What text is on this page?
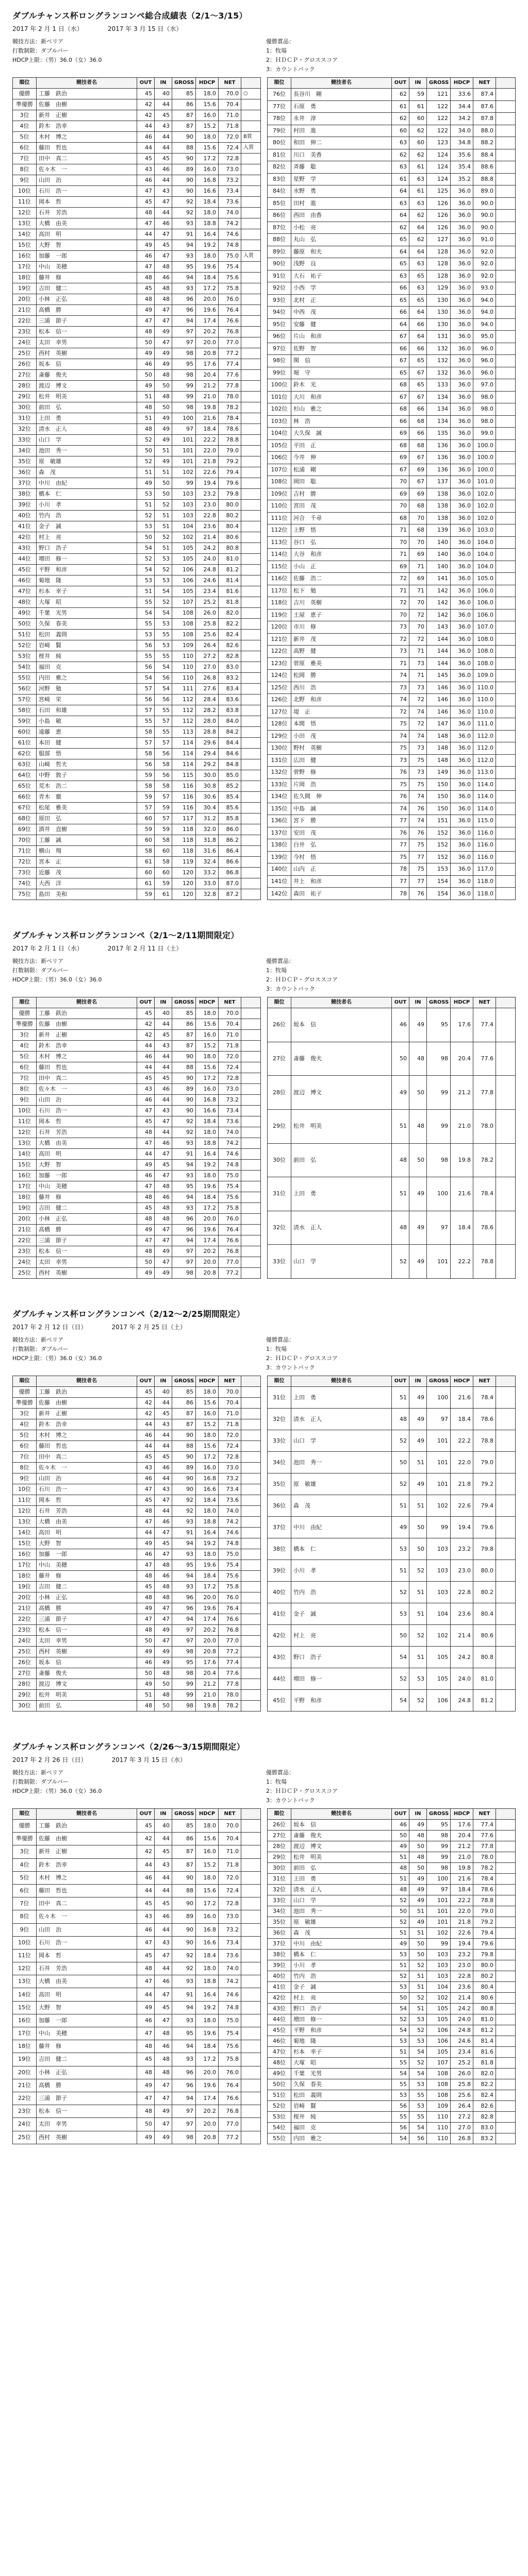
ダブルチャンス杯ロングランコンペ総合成績表（2/1〜3/15）
2017 年 2 月 1 日（水）	2017 年 3 月 15 日（水）
競技方法：新ペリア
打数制限：ダブルパー
HDCP上限：（男）36.0（女）36.0
優勝賞品：
1：牧場
2：ＨＤＣＰ・グロススコア
3：カウントバック
順位	競技者名	OUT	IN	GROSS	HDCP	NET	
優勝	工藤　鉄治	45	40	85	18.0	70.0	○
準優勝	佐藤　由樹	42	44	86	15.6	70.4	
3位	新井　正樹	42	45	87	16.0	71.0	
4位	鈴木　浩幸	44	43	87	15.2	71.8	
5位	木村　博之	46	44	90	18.0	72.0	B賞
6位	藤田　哲也	44	44	88	15.6	72.4	入賞
7位	田中　真二	45	45	90	17.2	72.8	
8位	佐々木　一	43	46	89	16.0	73.0	
9位	山田　治	46	44	90	16.8	73.2	
10位	石川　浩一	47	43	90	16.6	73.4	
11位	岡本　哲	45	47	92	18.4	73.6	
12位	石井　芳浩	48	44	92	18.0	74.0	
13位	大橋　由美	47	46	93	18.8	74.2	
14位	高田　明	44	47	91	16.4	74.6	
15位	大野　智	49	45	94	19.2	74.8	
16位	加藤　一郎	46	47	93	18.0	75.0	入賞
17位	中山　美穂	47	48	95	19.6	75.4	
18位	藤井　修	48	46	94	18.4	75.6	
19位	吉田　健二	45	48	93	17.2	75.8	
20位	小林　正弘	48	48	96	20.0	76.0	
21位	高橋　勝	49	47	96	19.6	76.4	
22位	三浦　節子	47	47	94	17.4	76.6	
23位	松本　信一	48	49	97	20.2	76.8	
24位	太田　幸男	50	47	97	20.0	77.0	
25位	西村　英樹	49	49	98	20.8	77.2	
26位	坂本　信	46	49	95	17.6	77.4	
27位	斎藤　俊夫	50	48	98	20.4	77.6	
28位	渡辺　博文	49	50	99	21.2	77.8	
29位	松井　明美	51	48	99	21.0	78.0	
30位	前田　弘	48	50	98	19.8	78.2	
31位	上田　勇	51	49	100	21.6	78.4	
32位	清水　正人	48	49	97	18.4	78.6	
33位	山口　学	52	49	101	22.2	78.8	
34位	池田　秀一	50	51	101	22.0	79.0	
35位	原　敏雄	52	49	101	21.8	79.2	
36位	森　茂	51	51	102	22.6	79.4	
37位	中川　由紀	49	50	99	19.4	79.6	
38位	橋本　仁	53	50	103	23.2	79.8	
39位	小川　孝	51	52	103	23.0	80.0	
40位	竹内　浩	52	51	103	22.8	80.2	
41位	金子　誠	53	51	104	23.6	80.4	
42位	村上　亮	50	52	102	21.4	80.6	
43位	野口　浩子	54	51	105	24.2	80.8	
44位	増田　修一	52	53	105	24.0	81.0	
45位	平野　和彦	54	52	106	24.8	81.2	
46位	菊地　隆	53	53	106	24.6	81.4	
47位	杉本　幸子	51	54	105	23.4	81.6	
48位	大塚　昭	55	52	107	25.2	81.8	
49位	千葉　光男	54	54	108	26.0	82.0	
50位	久保　春美	55	53	108	25.8	82.2	
51位	松田　義則	53	55	108	25.6	82.4	
52位	岩崎　賢	56	53	109	26.4	82.6	
53位	桜井　純	55	55	110	27.2	82.8	
54位	福田　克	56	54	110	27.0	83.0	
55位	内田　雅之	54	56	110	26.8	83.2	
56位	河野　勉	57	54	111	27.6	83.4	
57位	宮崎　栄	56	56	112	28.4	83.6	
58位	石田　和雄	57	55	112	28.2	83.8	
59位	小島　敏	55	57	112	28.0	84.0	
60位	遠藤　恵	58	55	113	28.8	84.2	
61位	本田　健	57	57	114	29.6	84.4	
62位	服部　悟	58	56	114	29.4	84.6	
63位	山崎　哲夫	56	58	114	29.2	84.8	
64位	中野　敦子	59	56	115	30.0	85.0	
65位	荒木　浩二	58	58	116	30.8	85.2	
66位	青木　徹	59	57	116	30.6	85.4	
67位	松尾　雅美	57	59	116	30.4	85.6	
68位	原田　弘	60	57	117	31.2	85.8	
69位	酒井　直樹	59	59	118	32.0	86.0	
70位	工藤　誠	60	58	118	31.8	86.2	
71位	横山　翔	58	60	118	31.6	86.4	
72位	宮本　正	61	58	119	32.4	86.6	
73位	近藤　茂	60	60	120	33.2	86.8	
74位	大西　洋	61	59	120	33.0	87.0	
75位	島田　美和	59	61	120	32.8	87.2	
順位	競技者名	OUT	IN	GROSS	HDCP	NET	
76位	長谷川　剛	62	59	121	33.6	87.4	
77位	石原　勇	61	61	122	34.4	87.6	
78位	永井　淳	62	60	122	34.2	87.8	
79位	村田　進	60	62	122	34.0	88.0	
80位	和田　伸二	63	60	123	34.8	88.2	
81位	川口　美香	62	62	124	35.6	88.4	
82位	斉藤　聡	63	61	124	35.4	88.6	
83位	星野　学	61	63	124	35.2	88.8	
84位	水野　勇	64	61	125	36.0	89.0	
85位	田村　進	63	63	126	36.0	90.0	
86位	西田　由香	64	62	126	36.0	90.0	
87位	小松　亮	62	64	126	36.0	90.0	
88位	丸山　弘	65	62	127	36.0	91.0	
89位	藤原　和夫	64	64	128	36.0	92.0	
90位	浅野　良	65	63	128	36.0	92.0	
91位	大石　祐子	63	65	128	36.0	92.0	
92位	小西　学	66	63	129	36.0	93.0	
93位	北村　正	65	65	130	36.0	94.0	
94位	中西　茂	66	64	130	36.0	94.0	
95位	安藤　健	64	66	130	36.0	94.0	
96位	片山　和彦	67	64	131	36.0	95.0	
97位	佐野　智	66	66	132	36.0	96.0	
98位	関　信	67	65	132	36.0	96.0	
99位	堀　守	65	67	132	36.0	96.0	
100位	鈴木　光	68	65	133	36.0	97.0	
101位	大川　和彦	67	67	134	36.0	98.0	
102位	杉山　雅之	68	66	134	36.0	98.0	
103位	林　浩	66	68	134	36.0	98.0	
104位	大久保　誠	69	66	135	36.0	99.0	
105位	平田　正	68	68	136	36.0	100.0	
106位	今井　伸	69	67	136	36.0	100.0	
107位	松浦　剛	67	69	136	36.0	100.0	
108位	岡田　聡	70	67	137	36.0	101.0	
109位	吉村　勝	69	69	138	36.0	102.0	
110位	宮田　茂	70	68	138	36.0	102.0	
111位	河合　千尋	68	70	138	36.0	102.0	
112位	上野　悟	71	68	139	36.0	103.0	
113位	谷口　弘	70	70	140	36.0	104.0	
114位	大谷　和彦	71	69	140	36.0	104.0	
115位	小山　正	69	71	140	36.0	104.0	
116位	佐藤　浩二	72	69	141	36.0	105.0	
117位	松下　勉	71	71	142	36.0	106.0	
118位	吉川　英樹	72	70	142	36.0	106.0	
119位	土屋　恵子	70	72	142	36.0	106.0	
120位	市川　修	73	70	143	36.0	107.0	
121位	新井　茂	72	72	144	36.0	108.0	
122位	高野　健	73	71	144	36.0	108.0	
123位	菅原　雅美	71	73	144	36.0	108.0	
124位	松岡　勝	74	71	145	36.0	109.0	
125位	西川　浩	73	73	146	36.0	110.0	
126位	北野　和彦	74	72	146	36.0	110.0	
127位	堤　正	72	74	146	36.0	110.0	
128位	本間　悟	75	72	147	36.0	111.0	
129位	小田　茂	74	74	148	36.0	112.0	
130位	野村　英樹	75	73	148	36.0	112.0	
131位	広田　健	73	75	148	36.0	112.0	
132位	菅野　修	76	73	149	36.0	113.0	
133位	片岡　浩	75	75	150	36.0	114.0	
134位	佐久間　伸	76	74	150	36.0	114.0	
135位	中島　誠	74	76	150	36.0	114.0	
136位	宮下　勝	77	74	151	36.0	115.0	
137位	安田　茂	76	76	152	36.0	116.0	
138位	白井　弘	77	75	152	36.0	116.0	
139位	今村　悟	75	77	152	36.0	116.0	
140位	山内　正	78	75	153	36.0	117.0	
141位	井上　和彦	77	77	154	36.0	118.0	
142位	森田　祐子	78	76	154	36.0	118.0	
ダブルチャンス杯ロングランコンペ（2/1〜2/11期間限定）
2017 年 2 月 1 日（水）	2017 年 2 月 11 日（土）
競技方法：新ペリア
打数制限：ダブルパー
HDCP上限：（男）36.0（女）36.0
優勝賞品：
1：牧場
2：ＨＤＣＰ・グロススコア
3：カウントバック
順位	競技者名	OUT	IN	GROSS	HDCP	NET	
優勝	工藤　鉄治	45	40	85	18.0	70.0	
準優勝	佐藤　由樹	42	44	86	15.6	70.4	
3位	新井　正樹	42	45	87	16.0	71.0	
4位	鈴木　浩幸	44	43	87	15.2	71.8	
5位	木村　博之	46	44	90	18.0	72.0	
6位	藤田　哲也	44	44	88	15.6	72.4	
7位	田中　真二	45	45	90	17.2	72.8	
8位	佐々木　一	43	46	89	16.0	73.0	
9位	山田　治	46	44	90	16.8	73.2	
10位	石川　浩一	47	43	90	16.6	73.4	
11位	岡本　哲	45	47	92	18.4	73.6	
12位	石井　芳浩	48	44	92	18.0	74.0	
13位	大橋　由美	47	46	93	18.8	74.2	
14位	高田　明	44	47	91	16.4	74.6	
15位	大野　智	49	45	94	19.2	74.8	
16位	加藤　一郎	46	47	93	18.0	75.0	
17位	中山　美穂	47	48	95	19.6	75.4	
18位	藤井　修	48	46	94	18.4	75.6	
19位	吉田　健二	45	48	93	17.2	75.8	
20位	小林　正弘	48	48	96	20.0	76.0	
21位	高橋　勝	49	47	96	19.6	76.4	
22位	三浦　節子	47	47	94	17.4	76.6	
23位	松本　信一	48	49	97	20.2	76.8	
24位	太田　幸男	50	47	97	20.0	77.0	
25位	西村　英樹	49	49	98	20.8	77.2	
順位	競技者名	OUT	IN	GROSS	HDCP	NET	
26位	坂本　信	46	49	95	17.6	77.4	
27位	斎藤　俊夫	50	48	98	20.4	77.6	
28位	渡辺　博文	49	50	99	21.2	77.8	
29位	松井　明美	51	48	99	21.0	78.0	
30位	前田　弘	48	50	98	19.8	78.2	
31位	上田　勇	51	49	100	21.6	78.4	
32位	清水　正人	48	49	97	18.4	78.6	
33位	山口　学	52	49	101	22.2	78.8	
ダブルチャンス杯ロングランコンペ（2/12〜2/25期間限定）
2017 年 2 月 12 日（日）	2017 年 2 月 25 日（土）
競技方法：新ペリア
打数制限：ダブルパー
HDCP上限：（男）36.0（女）36.0
優勝賞品：
1：牧場
2：ＨＤＣＰ・グロススコア
3：カウントバック
順位	競技者名	OUT	IN	GROSS	HDCP	NET	
優勝	工藤　鉄治	45	40	85	18.0	70.0	
準優勝	佐藤　由樹	42	44	86	15.6	70.4	
3位	新井　正樹	42	45	87	16.0	71.0	
4位	鈴木　浩幸	44	43	87	15.2	71.8	
5位	木村　博之	46	44	90	18.0	72.0	
6位	藤田　哲也	44	44	88	15.6	72.4	
7位	田中　真二	45	45	90	17.2	72.8	
8位	佐々木　一	43	46	89	16.0	73.0	
9位	山田　治	46	44	90	16.8	73.2	
10位	石川　浩一	47	43	90	16.6	73.4	
11位	岡本　哲	45	47	92	18.4	73.6	
12位	石井　芳浩	48	44	92	18.0	74.0	
13位	大橋　由美	47	46	93	18.8	74.2	
14位	高田　明	44	47	91	16.4	74.6	
15位	大野　智	49	45	94	19.2	74.8	
16位	加藤　一郎	46	47	93	18.0	75.0	
17位	中山　美穂	47	48	95	19.6	75.4	
18位	藤井　修	48	46	94	18.4	75.6	
19位	吉田　健二	45	48	93	17.2	75.8	
20位	小林　正弘	48	48	96	20.0	76.0	
21位	高橋　勝	49	47	96	19.6	76.4	
22位	三浦　節子	47	47	94	17.4	76.6	
23位	松本　信一	48	49	97	20.2	76.8	
24位	太田　幸男	50	47	97	20.0	77.0	
25位	西村　英樹	49	49	98	20.8	77.2	
26位	坂本　信	46	49	95	17.6	77.4	
27位	斎藤　俊夫	50	48	98	20.4	77.6	
28位	渡辺　博文	49	50	99	21.2	77.8	
29位	松井　明美	51	48	99	21.0	78.0	
30位	前田　弘	48	50	98	19.8	78.2	
順位	競技者名	OUT	IN	GROSS	HDCP	NET	
31位	上田　勇	51	49	100	21.6	78.4	
32位	清水　正人	48	49	97	18.4	78.6	
33位	山口　学	52	49	101	22.2	78.8	
34位	池田　秀一	50	51	101	22.0	79.0	
35位	原　敏雄	52	49	101	21.8	79.2	
36位	森　茂	51	51	102	22.6	79.4	
37位	中川　由紀	49	50	99	19.4	79.6	
38位	橋本　仁	53	50	103	23.2	79.8	
39位	小川　孝	51	52	103	23.0	80.0	
40位	竹内　浩	52	51	103	22.8	80.2	
41位	金子　誠	53	51	104	23.6	80.4	
42位	村上　亮	50	52	102	21.4	80.6	
43位	野口　浩子	54	51	105	24.2	80.8	
44位	増田　修一	52	53	105	24.0	81.0	
45位	平野　和彦	54	52	106	24.8	81.2	
ダブルチャンス杯ロングランコンペ（2/26〜3/15期間限定）
2017 年 2 月 26 日（日）	2017 年 3 月 15 日（水）
競技方法：新ペリア
打数制限：ダブルパー
HDCP上限：（男）36.0（女）36.0
優勝賞品：
1：牧場
2：ＨＤＣＰ・グロススコア
3：カウントバック
順位	競技者名	OUT	IN	GROSS	HDCP	NET	
優勝	工藤　鉄治	45	40	85	18.0	70.0	
準優勝	佐藤　由樹	42	44	86	15.6	70.4	
3位	新井　正樹	42	45	87	16.0	71.0	
4位	鈴木　浩幸	44	43	87	15.2	71.8	
5位	木村　博之	46	44	90	18.0	72.0	
6位	藤田　哲也	44	44	88	15.6	72.4	
7位	田中　真二	45	45	90	17.2	72.8	
8位	佐々木　一	43	46	89	16.0	73.0	
9位	山田　治	46	44	90	16.8	73.2	
10位	石川　浩一	47	43	90	16.6	73.4	
11位	岡本　哲	45	47	92	18.4	73.6	
12位	石井　芳浩	48	44	92	18.0	74.0	
13位	大橋　由美	47	46	93	18.8	74.2	
14位	高田　明	44	47	91	16.4	74.6	
15位	大野　智	49	45	94	19.2	74.8	
16位	加藤　一郎	46	47	93	18.0	75.0	
17位	中山　美穂	47	48	95	19.6	75.4	
18位	藤井　修	48	46	94	18.4	75.6	
19位	吉田　健二	45	48	93	17.2	75.8	
20位	小林　正弘	48	48	96	20.0	76.0	
21位	高橋　勝	49	47	96	19.6	76.4	
22位	三浦　節子	47	47	94	17.4	76.6	
23位	松本　信一	48	49	97	20.2	76.8	
24位	太田　幸男	50	47	97	20.0	77.0	
25位	西村　英樹	49	49	98	20.8	77.2	
順位	競技者名	OUT	IN	GROSS	HDCP	NET	
26位	坂本　信	46	49	95	17.6	77.4	
27位	斎藤　俊夫	50	48	98	20.4	77.6	
28位	渡辺　博文	49	50	99	21.2	77.8	
29位	松井　明美	51	48	99	21.0	78.0	
30位	前田　弘	48	50	98	19.8	78.2	
31位	上田　勇	51	49	100	21.6	78.4	
32位	清水　正人	48	49	97	18.4	78.6	
33位	山口　学	52	49	101	22.2	78.8	
34位	池田　秀一	50	51	101	22.0	79.0	
35位	原　敏雄	52	49	101	21.8	79.2	
36位	森　茂	51	51	102	22.6	79.4	
37位	中川　由紀	49	50	99	19.4	79.6	
38位	橋本　仁	53	50	103	23.2	79.8	
39位	小川　孝	51	52	103	23.0	80.0	
40位	竹内　浩	52	51	103	22.8	80.2	
41位	金子　誠	53	51	104	23.6	80.4	
42位	村上　亮	50	52	102	21.4	80.6	
43位	野口　浩子	54	51	105	24.2	80.8	
44位	増田　修一	52	53	105	24.0	81.0	
45位	平野　和彦	54	52	106	24.8	81.2	
46位	菊地　隆	53	53	106	24.6	81.4	
47位	杉本　幸子	51	54	105	23.4	81.6	
48位	大塚　昭	55	52	107	25.2	81.8	
49位	千葉　光男	54	54	108	26.0	82.0	
50位	久保　春美	55	53	108	25.8	82.2	
51位	松田　義則	53	55	108	25.6	82.4	
52位	岩崎　賢	56	53	109	26.4	82.6	
53位	桜井　純	55	55	110	27.2	82.8	
54位	福田　克	56	54	110	27.0	83.0	
55位	内田　雅之	54	56	110	26.8	83.2	
